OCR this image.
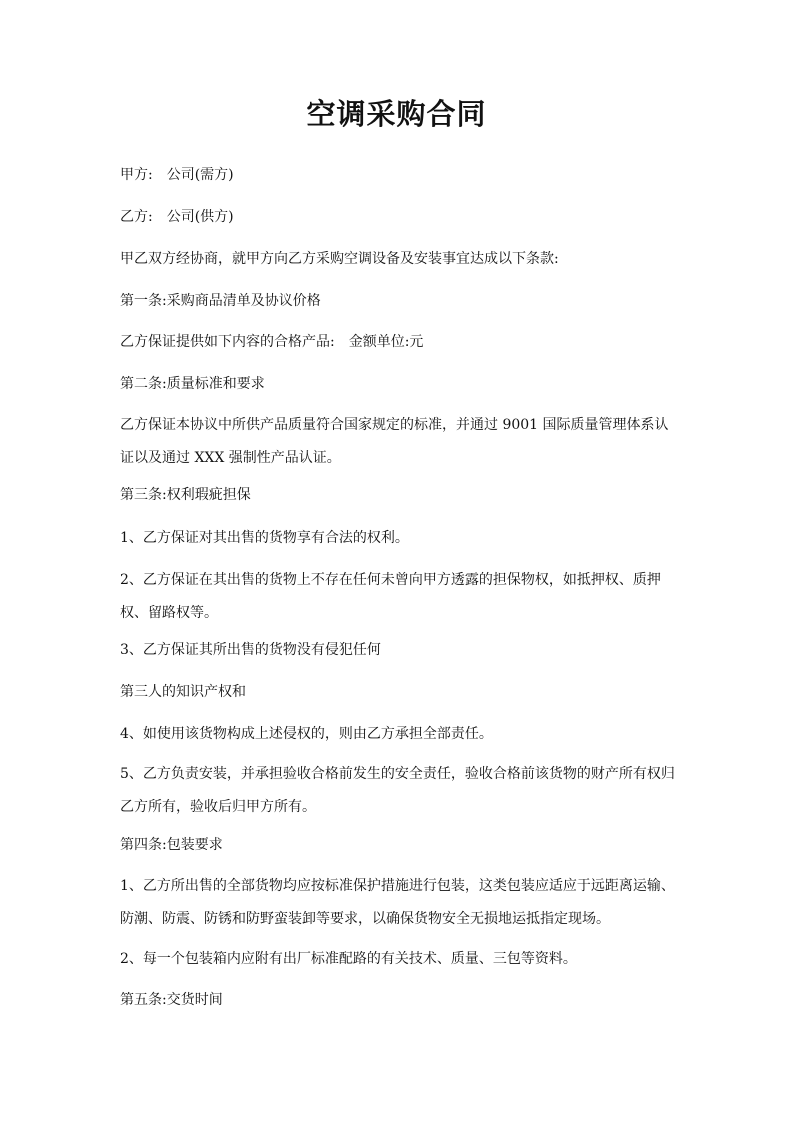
空调采购合同
甲方:　公司(需方)
乙方:　公司(供方)
甲乙双方经协商，就甲方向乙方采购空调设备及安装事宜达成以下条款:
第一条:采购商品清单及协议价格
乙方保证提供如下内容的合格产品:　金额单位:元
第二条:质量标准和要求
乙方保证本协议中所供产品质量符合国家规定的标准，并通过 9001 国际质量管理体系认证以及通过 XXX 强制性产品认证。
第三条:权利瑕疵担保
1、乙方保证对其出售的货物享有合法的权利。
2、乙方保证在其出售的货物上不存在任何未曾向甲方透露的担保物权，如抵押权、质押权、留路权等。
3、乙方保证其所出售的货物没有侵犯任何
第三人的知识产权和
4、如使用该货物构成上述侵权的，则由乙方承担全部责任。
5、乙方负责安装，并承担验收合格前发生的安全责任，验收合格前该货物的财产所有权归乙方所有，验收后归甲方所有。
第四条:包装要求
1、乙方所出售的全部货物均应按标准保护措施进行包装，这类包装应适应于远距离运输、防潮、防震、防锈和防野蛮装卸等要求，以确保货物安全无损地运抵指定现场。
2、每一个包装箱内应附有出厂标准配路的有关技术、质量、三包等资料。
第五条:交货时间
